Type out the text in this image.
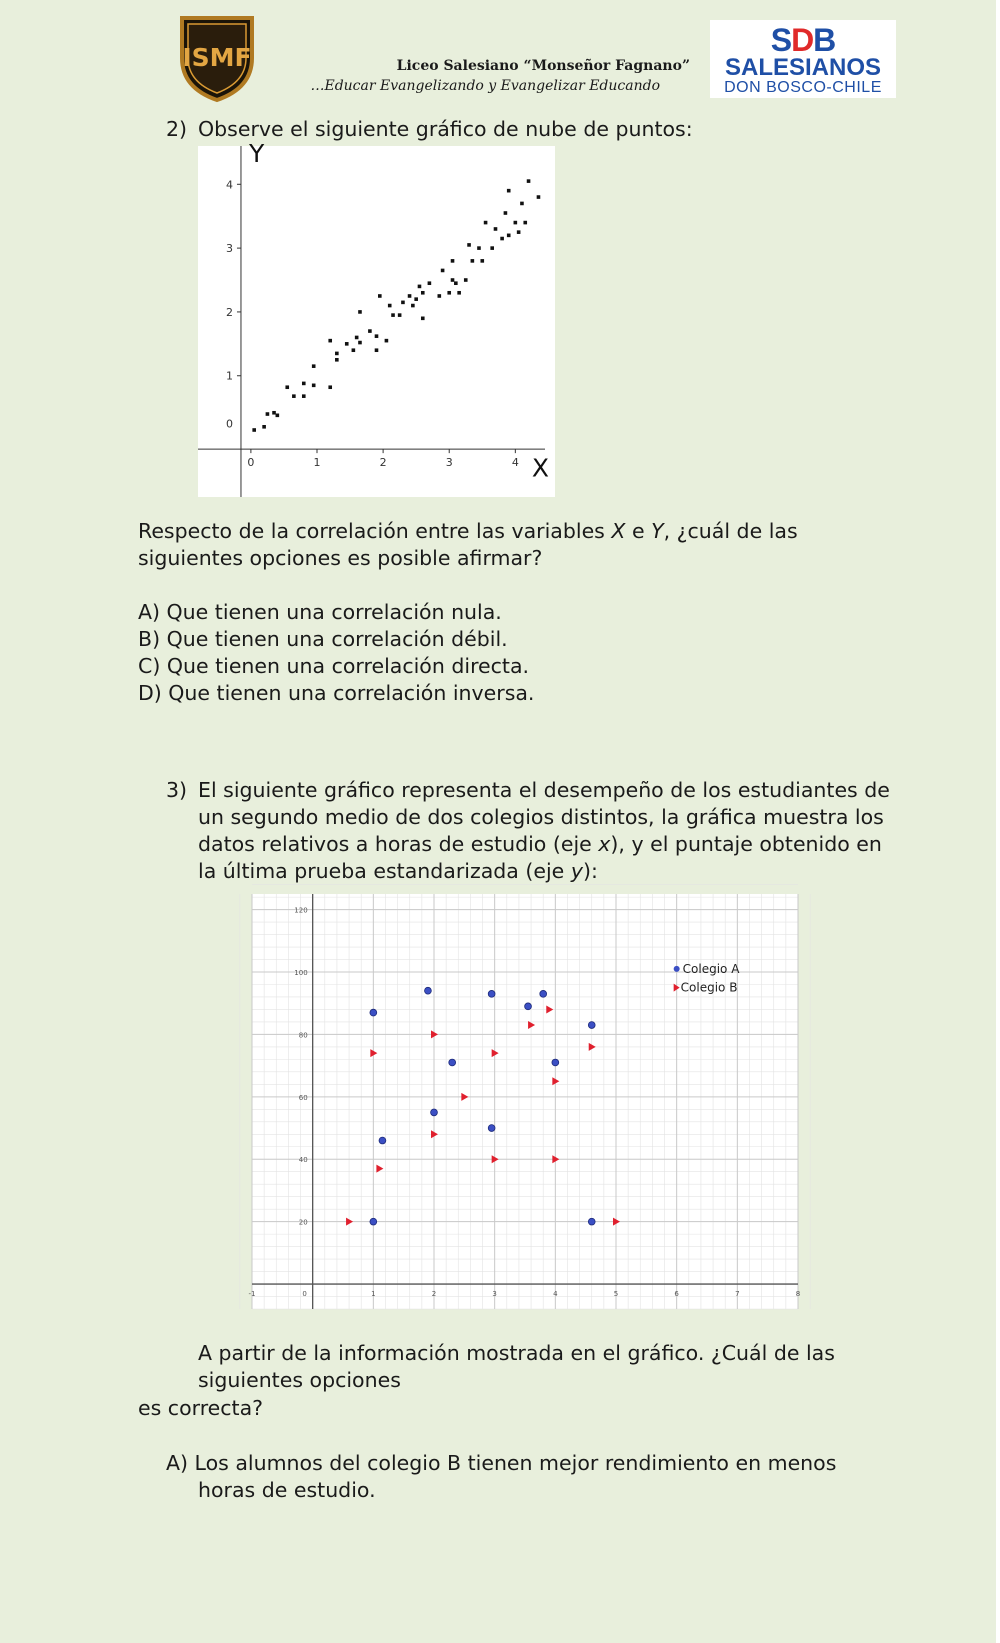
ISMF	Liceo Salesiano “Monseñor Fagnano”
…Educar Evangelizando y Evangelizar Educando
SDB
SALESIANOS
DON BOSCO-CHILE
2) Observe el siguiente gráfico de nube de puntos:
0	1	2	3	4
0
1
2
3
4
Y
X
Respecto de la correlación entre las variables X e Y, ¿cuál de las
siguientes opciones es posible afirmar?
A) Que tienen una correlación nula.
B) Que tienen una correlación débil.
C) Que tienen una correlación directa.
D) Que tienen una correlación inversa.
3) El siguiente gráfico representa el desempeño de los estudiantes de
un segundo medio de dos colegios distintos, la gráfica muestra los
datos relativos a horas de estudio (eje x), y el puntaje obtenido en
la última prueba estandarizada (eje y):
-1	0	1	2	3	4	5	6	7	8
20
40
60
80
100
120
Colegio A
Colegio B
A partir de la información mostrada en el gráfico. ¿Cuál de las
siguientes opciones
es correcta?
A) Los alumnos del colegio B tienen mejor rendimiento en menos
horas de estudio.
